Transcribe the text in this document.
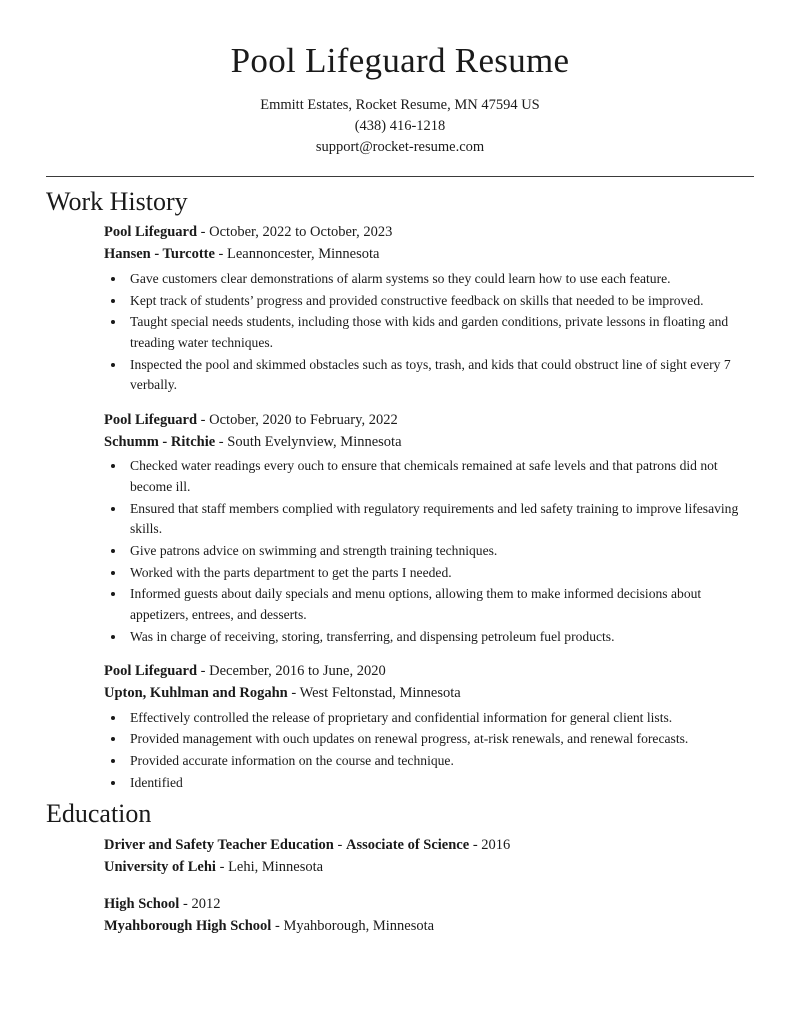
Pool Lifeguard Resume
Emmitt Estates, Rocket Resume, MN 47594 US
(438) 416-1218
support@rocket-resume.com
Work History
Pool Lifeguard - October, 2022 to October, 2023
Hansen - Turcotte - Leannoncester, Minnesota
• Gave customers clear demonstrations of alarm systems so they could learn how to use each feature.
• Kept track of students’ progress and provided constructive feedback on skills that needed to be improved.
• Taught special needs students, including those with kids and garden conditions, private lessons in floating and treading water techniques.
• Inspected the pool and skimmed obstacles such as toys, trash, and kids that could obstruct line of sight every 7 verbally.
Pool Lifeguard - October, 2020 to February, 2022
Schumm - Ritchie - South Evelynview, Minnesota
• Checked water readings every ouch to ensure that chemicals remained at safe levels and that patrons did not become ill.
• Ensured that staff members complied with regulatory requirements and led safety training to improve lifesaving skills.
• Give patrons advice on swimming and strength training techniques.
• Worked with the parts department to get the parts I needed.
• Informed guests about daily specials and menu options, allowing them to make informed decisions about appetizers, entrees, and desserts.
• Was in charge of receiving, storing, transferring, and dispensing petroleum fuel products.
Pool Lifeguard - December, 2016 to June, 2020
Upton, Kuhlman and Rogahn - West Feltonstad, Minnesota
• Effectively controlled the release of proprietary and confidential information for general client lists.
• Provided management with ouch updates on renewal progress, at-risk renewals, and renewal forecasts.
• Provided accurate information on the course and technique.
• Identified
Education
Driver and Safety Teacher Education - Associate of Science - 2016
University of Lehi - Lehi, Minnesota
High School - 2012
Myahborough High School - Myahborough, Minnesota
